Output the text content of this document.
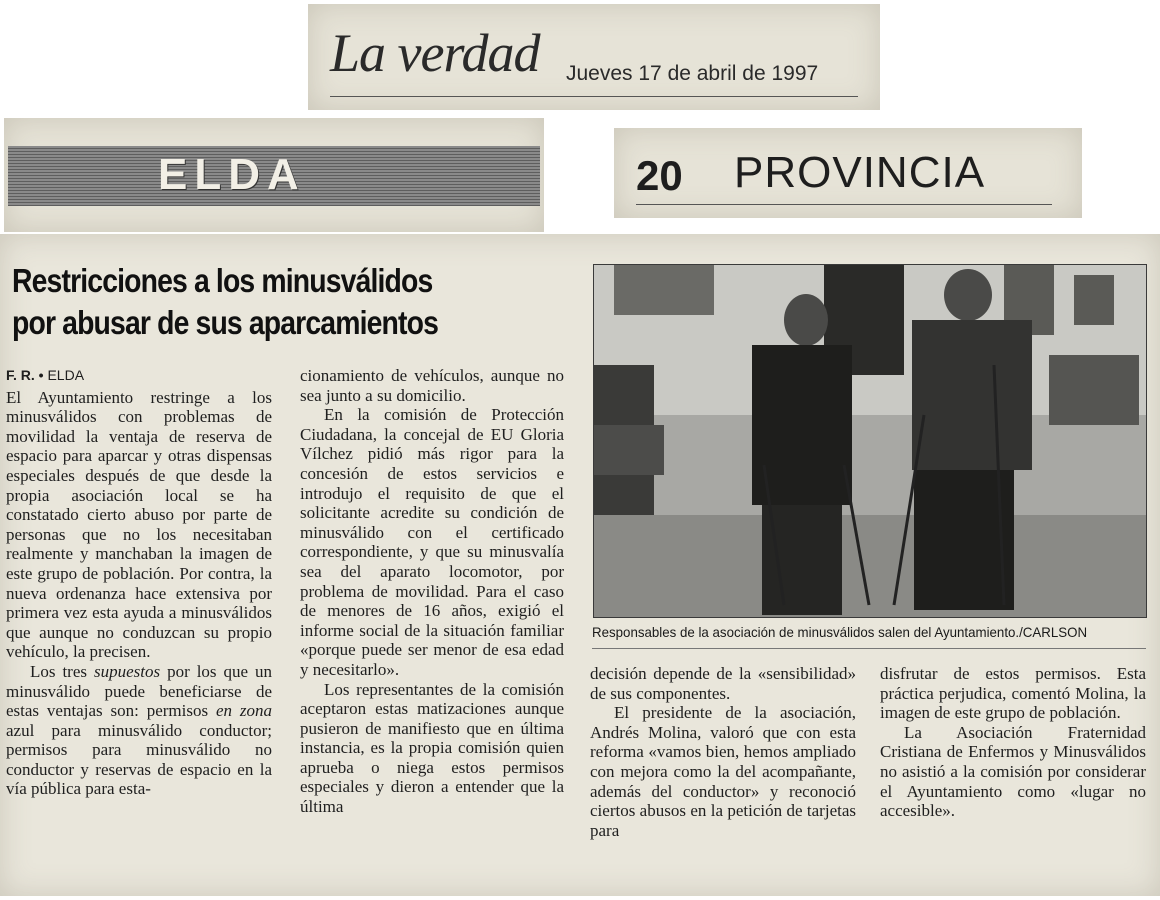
La verdad Jueves 17 de abril de 1997
ELDA	20 PROVINCIA
Restricciones a los minusválidos
por abusar de sus aparcamientos
F. R. • ELDA

El Ayuntamiento restringe a los minusválidos con problemas de movilidad la ventaja de reserva de espacio para aparcar y otras dispensas especiales después de que desde la propia asociación local se ha constatado cierto abuso por parte de personas que no los necesitaban realmente y manchaban la imagen de este grupo de población. Por contra, la nueva ordenanza hace extensiva por primera vez esta ayuda a minusválidos que aunque no conduzcan su propio vehículo, la precisen.

Los tres supuestos por los que un minusválido puede beneficiarse de estas ventajas son: permisos en zona azul para minusválido conductor; permisos para minusválido no conductor y reservas de espacio en la vía pública para esta-

cionamiento de vehículos, aunque no sea junto a su domicilio.

En la comisión de Protección Ciudadana, la concejal de EU Gloria Vílchez pidió más rigor para la concesión de estos servicios e introdujo el requisito de que el solicitante acredite su condición de minusválido con el certificado correspondiente, y que su minusvalía sea del aparato locomotor, por problema de movilidad. Para el caso de menores de 16 años, exigió el informe social de la situación familiar «porque puede ser menor de esa edad y necesitarlo».

Los representantes de la comisión aceptaron estas matizaciones aunque pusieron de manifiesto que en última instancia, es la propia comisión quien aprueba o niega estos permisos especiales y dieron a entender que la última

Responsables de la asociación de minusválidos salen del Ayuntamiento./CARLSON

decisión depende de la «sensibilidad» de sus componentes.

El presidente de la asociación, Andrés Molina, valoró que con esta reforma «vamos bien, hemos ampliado con mejora como la del acompañante, además del conductor» y reconoció ciertos abusos en la petición de tarjetas para

disfrutar de estos permisos. Esta práctica perjudica, comentó Molina, la imagen de este grupo de población.

La Asociación Fraternidad Cristiana de Enfermos y Minusválidos no asistió a la comisión por considerar el Ayuntamiento como «lugar no accesible».
